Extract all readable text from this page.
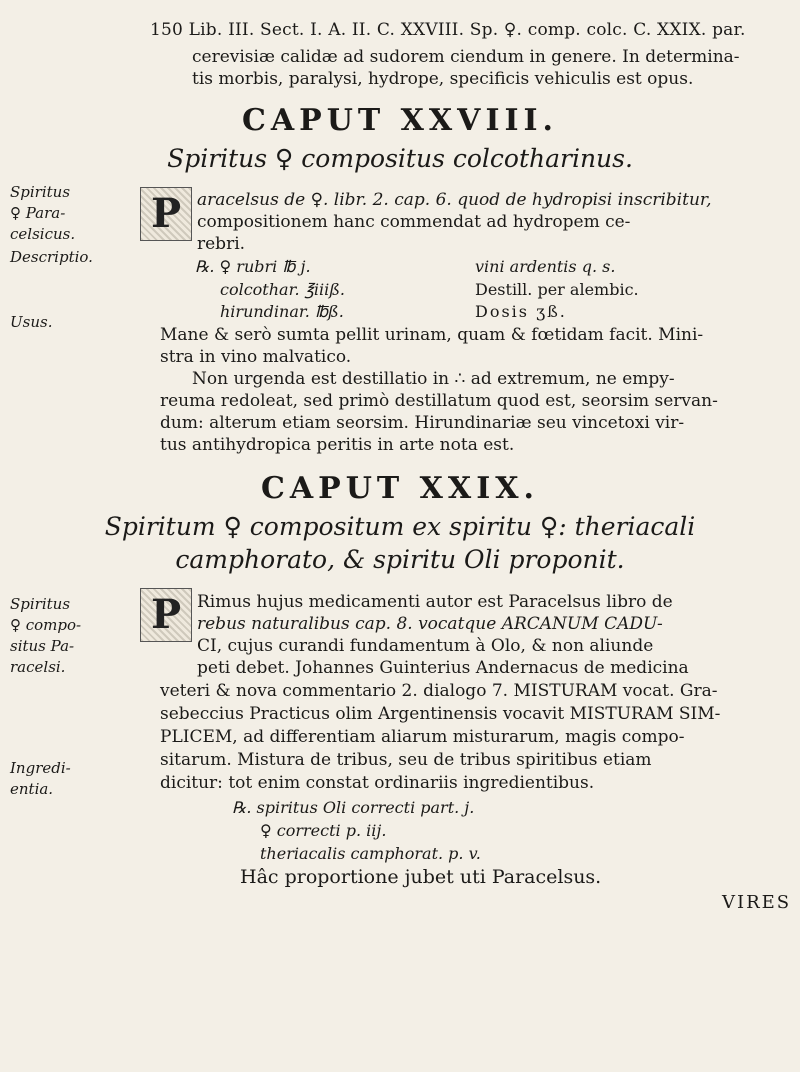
150 Lib. III. Sect. I. A. II. C. XXVIII. Sp. ♀. comp. colc. C. XXIX. par.
cerevisiæ calidæ ad sudorem ciendum in genere. In determina-
tis morbis, paralysi, hydrope, specificis vehiculis est opus.
CAPUT XXVIII.
Spiritus ♀ compositus colcotharinus.
Spiritus
♀ Para-
celsicus.
Descriptio.
Usus.
P aracelsus de ♀. libr. 2. cap. 6. quod de hydropisi inscribitur,
compositionem hanc commendat ad hydropem ce-
rebri.
℞. ♀ rubri ℔ j.	vini ardentis q. s.
colcothar. ℥iiiß.	Destill. per alembic.
hirundinar. ℔ß.	Dosis ʒß.
Mane & serò sumta pellit urinam, quam & fœtidam facit. Mini-
stra in vino malvatico.
Non urgenda est destillatio in ∴ ad extremum, ne empy-
reuma redoleat, sed primò destillatum quod est, seorsim servan-
dum: alterum etiam seorsim. Hirundinariæ seu vincetoxi vir-
tus antihydropica peritis in arte nota est.
CAPUT XXIX.
Spiritum ♀ compositum ex spiritu ♀: theriacali
camphorato, & spiritu Oli proponit.
Spiritus
♀ compo-
situs Pa-
racelsi.
Ingredi-
entia.
P Rimus hujus medicamenti autor est Paracelsus libro de
rebus naturalibus cap. 8. vocatque ARCANUM CADU-
CI, cujus curandi fundamentum à Olo, & non aliunde
peti debet. Johannes Guinterius Andernacus de medicina
veteri & nova commentario 2. dialogo 7. MISTURAM vocat. Gra-
sebeccius Practicus olim Argentinensis vocavit MISTURAM SIM-
PLICEM, ad differentiam aliarum misturarum, magis compo-
sitarum. Mistura de tribus, seu de tribus spiritibus etiam
dicitur: tot enim constat ordinariis ingredientibus.
℞. spiritus Oli correcti part. j.
♀ correcti p. iij.
theriacalis camphorat. p. v.
Hâc proportione jubet uti Paracelsus.
VIRES
